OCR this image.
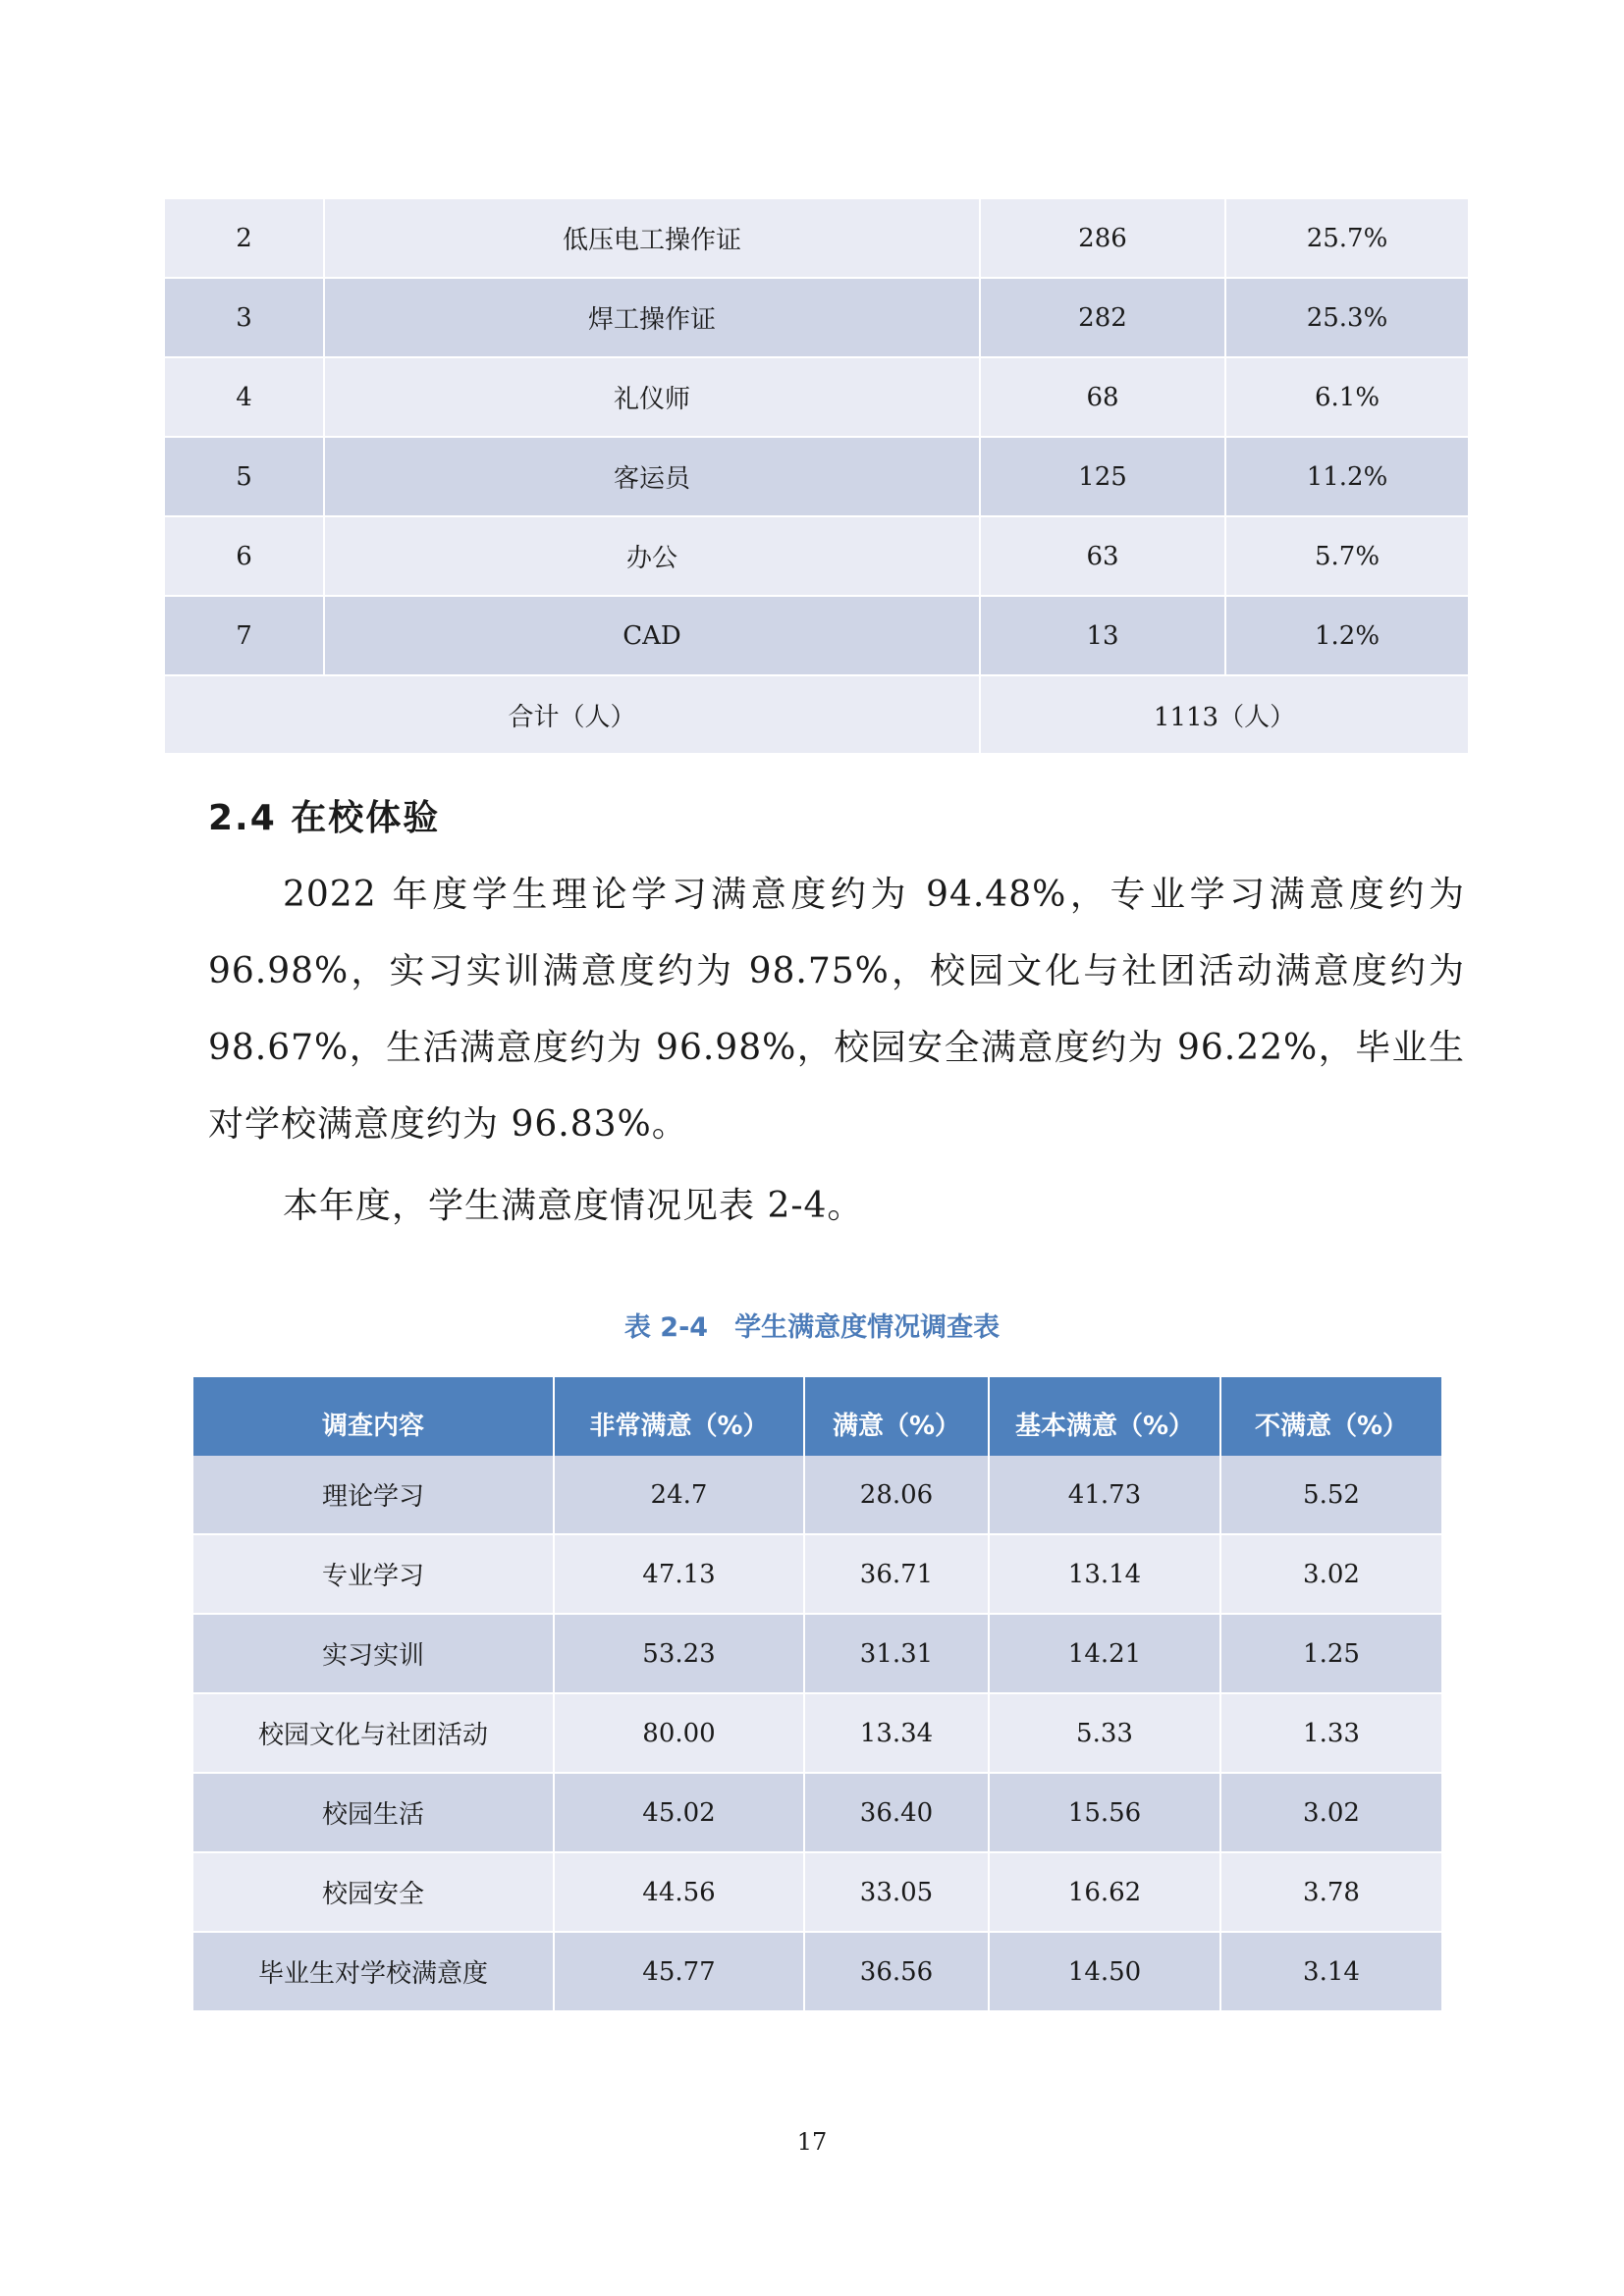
2	低压电工操作证	286	25.7%
3	焊工操作证	282	25.3%
4	礼仪师	68	6.1%
5	客运员	125	11.2%
6	办公	63	5.7%
7	CAD	13	1.2%
合计（人）		1113（人）	
2.4 在校体验
2022 年度学生理论学习满意度约为 94.48%，专业学习满意度约为 96.98%，实习实训满意度约为 98.75%，校园文化与社团活动满意度约为 98.67%，生活满意度约为 96.98%，校园安全满意度约为 96.22%，毕业生对学校满意度约为 96.83%。
本年度，学生满意度情况见表 2-4。
表 2-4　学生满意度情况调查表
调查内容	非常满意（%）	满意（%）	基本满意（%）	不满意（%）
理论学习	24.7	28.06	41.73	5.52
专业学习	47.13	36.71	13.14	3.02
实习实训	53.23	31.31	14.21	1.25
校园文化与社团活动	80.00	13.34	5.33	1.33
校园生活	45.02	36.40	15.56	3.02
校园安全	44.56	33.05	16.62	3.78
毕业生对学校满意度	45.77	36.56	14.50	3.14
17
